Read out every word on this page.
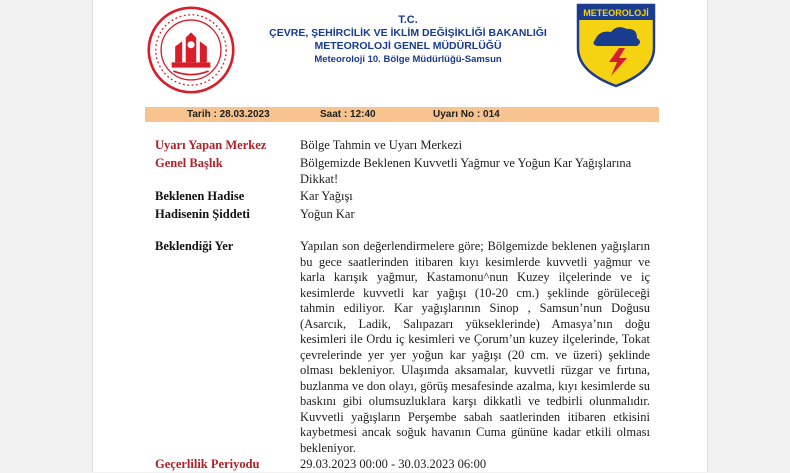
T.C.
ÇEVRE, ŞEHİRCİLİK VE İKLİM DEĞİŞİKLİĞİ BAKANLIĞI
METEOROLOJİ GENEL MÜDÜRLÜĞÜ
Meteoroloji 10. Bölge Müdürlüğü-Samsun
METEOROLOJİ
Tarih : 28.03.2023	Saat : 12:40	Uyarı No : 014
Uyarı Yapan Merkez	Bölge Tahmin ve Uyarı Merkezi
Genel Başlık	Bölgemizde Beklenen Kuvvetli Yağmur ve Yoğun Kar Yağışlarına Dikkat!
Beklenen Hadise	Kar Yağışı
Hadisenin Şiddeti	Yoğun Kar
Beklendiği Yer	Yapılan son değerlendirmelere göre; Bölgemizde beklenen yağışların bu gece saatlerinden itibaren kıyı kesimlerde kuvvetli yağmur ve karla karışık yağmur, Kastamonu^nun Kuzey ilçelerinde ve iç kesimlerde kuvvetli kar yağışı (10-20 cm.) şeklinde görüleceği tahmin ediliyor. Kar yağışlarının Sinop , Samsun’nun Doğusu (Asarcık, Ladik, Salıpazarı yükseklerinde) Amasya’nın doğu kesimleri ile Ordu iç kesimleri ve Çorum’un kuzey ilçelerinde, Tokat çevrelerinde yer yer yoğun kar yağışı (20 cm. ve üzeri) şeklinde olması bekleniyor. Ulaşımda aksamalar, kuvvetli rüzgar ve fırtına, buzlanma ve don olayı, görüş mesafesinde azalma, kıyı kesimlerde su baskını gibi olumsuzluklara karşı dikkatli ve tedbirli olunmalıdır. Kuvvetli yağışların Perşembe sabah saatlerinden itibaren etkisini kaybetmesi ancak soğuk havanın Cuma gününe kadar etkili olması bekleniyor.
Geçerlilik Periyodu	29.03.2023 00:00 - 30.03.2023 06:00
